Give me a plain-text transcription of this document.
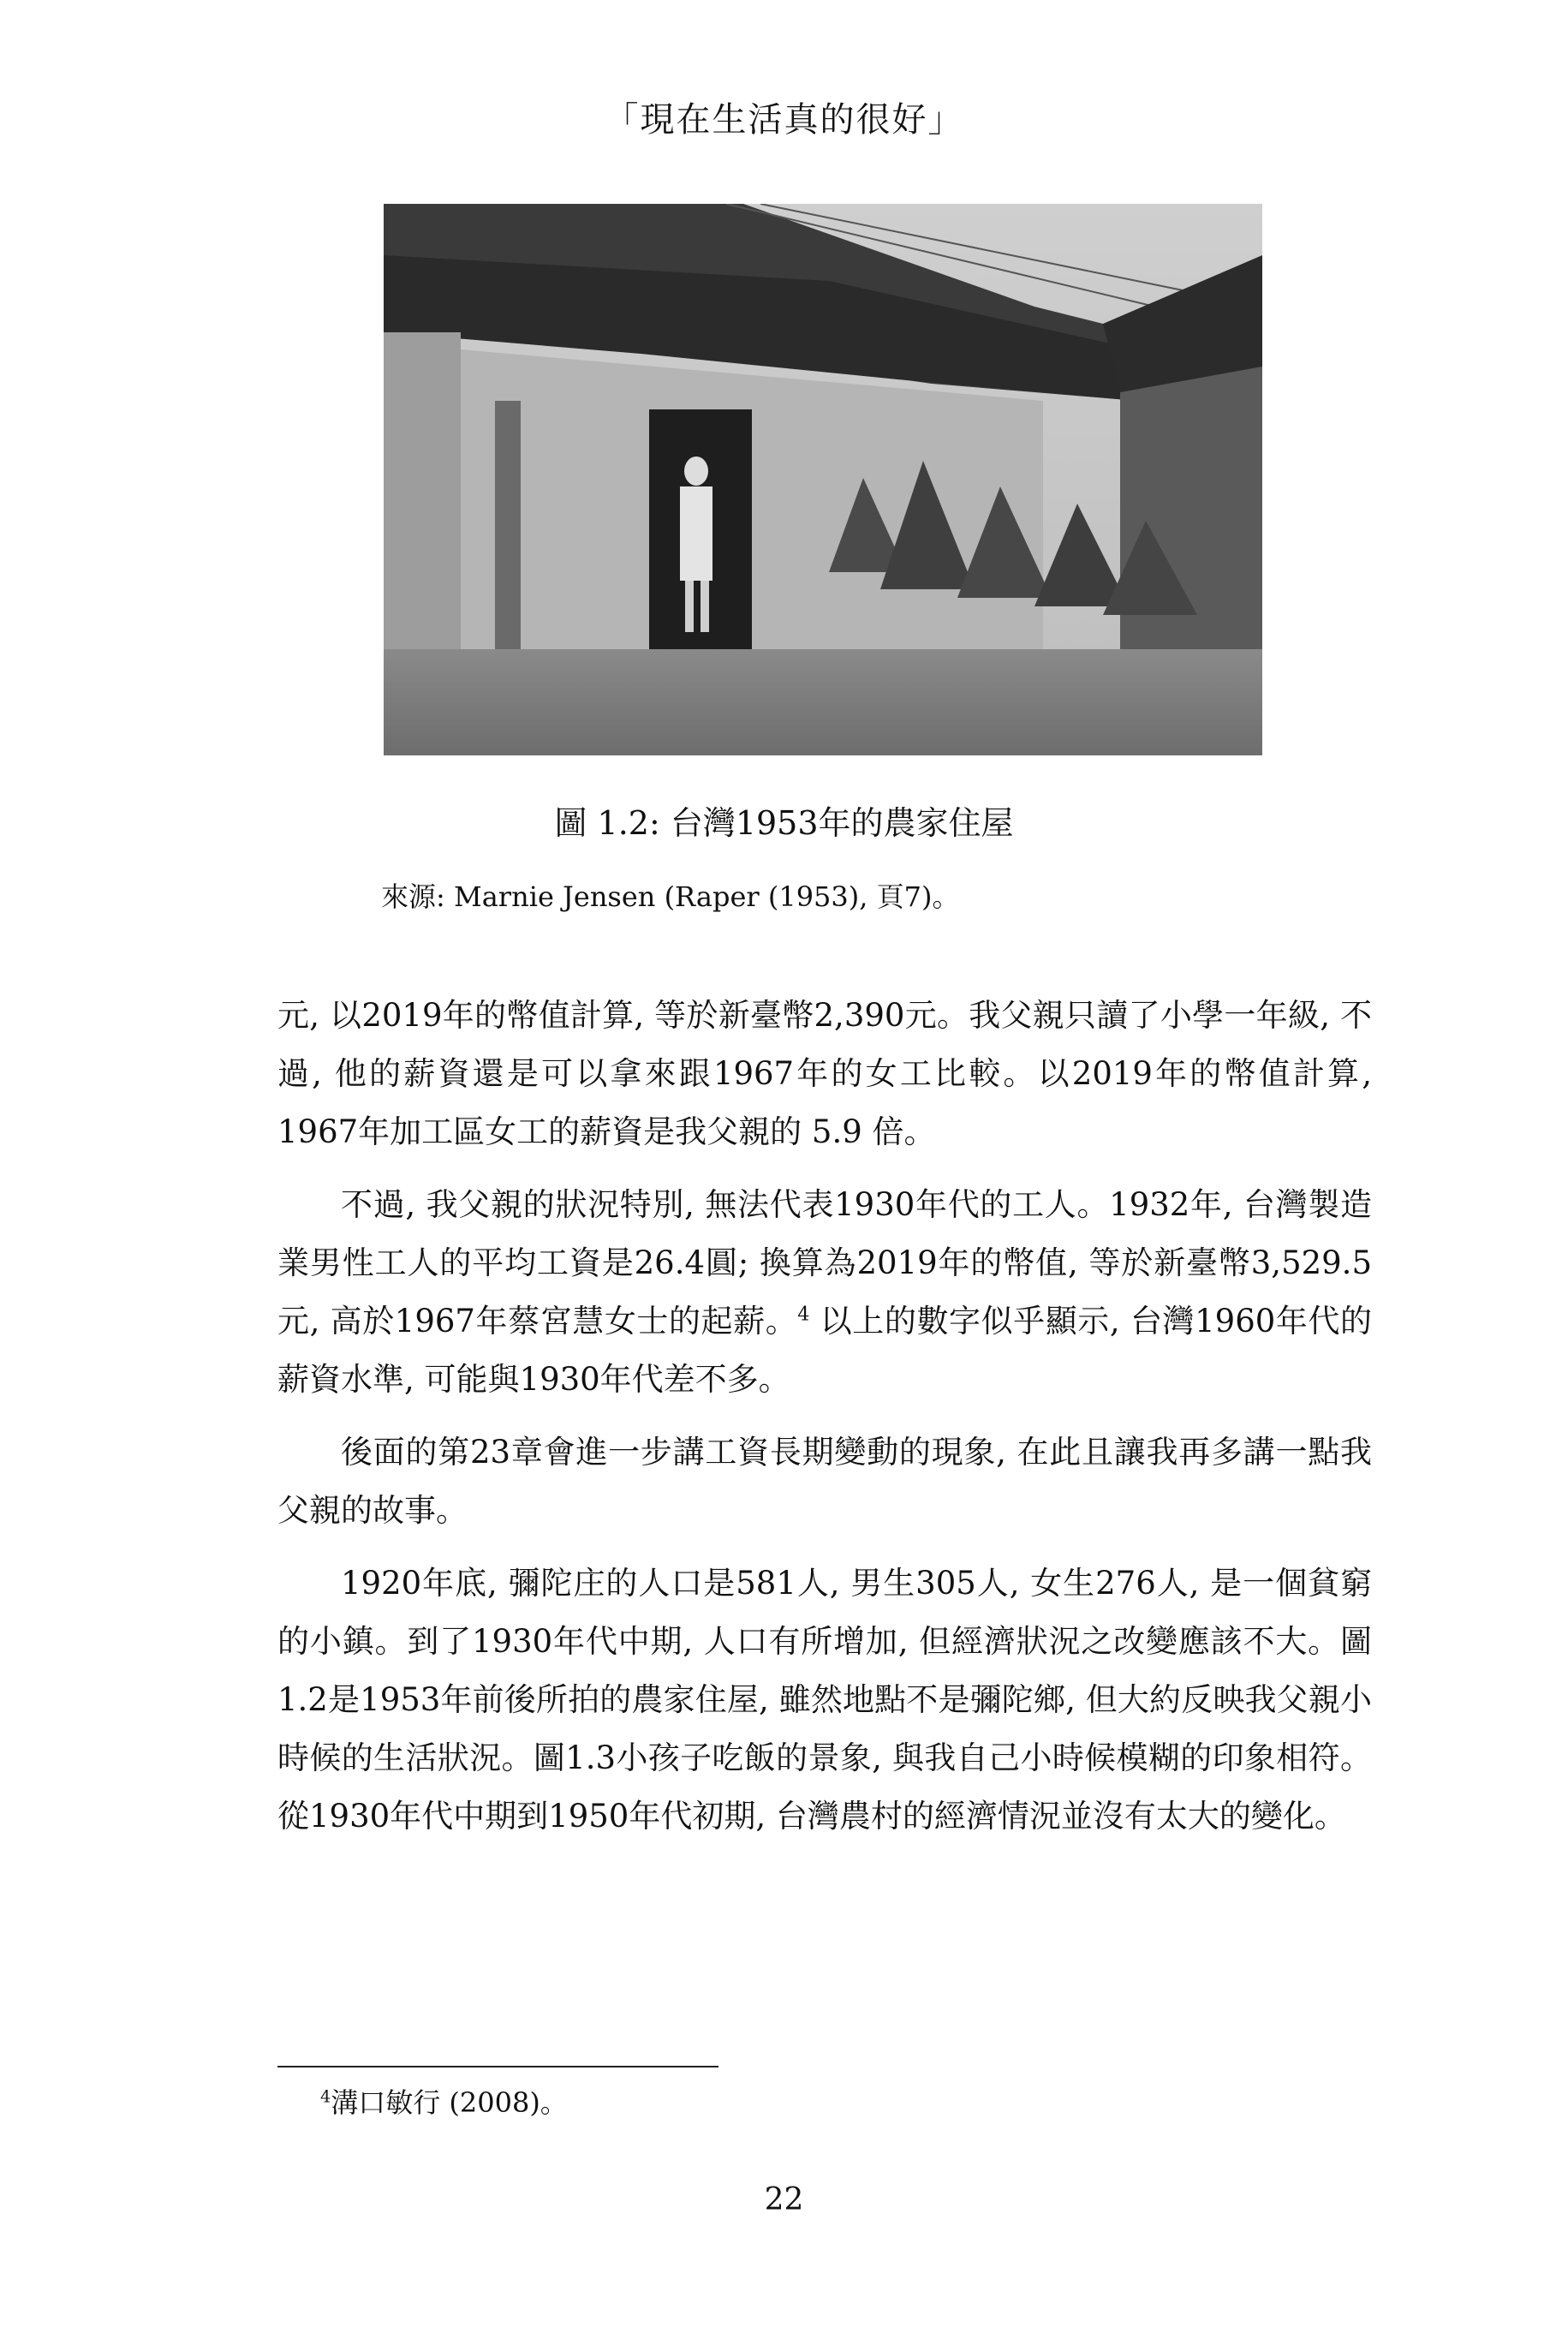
「現在生活真的很好」
圖 1.2: 台灣1953年的農家住屋
來源: Marnie Jensen (Raper (1953), 頁7)。

元, 以2019年的幣值計算, 等於新臺幣2,390元。我父親只讀了小學一年級, 不過, 他的薪資還是可以拿來跟1967年的女工比較。以2019年的幣值計算, 1967年加工區女工的薪資是我父親的 5.9 倍。

不過, 我父親的狀況特別, 無法代表1930年代的工人。1932年, 台灣製造業男性工人的平均工資是26.4圓; 換算為2019年的幣值, 等於新臺幣3,529.5元, 高於1967年蔡宮慧女士的起薪。$^4$ 以上的數字似乎顯示, 台灣1960年代的薪資水準, 可能與1930年代差不多。

後面的第23章會進一步講工資長期變動的現象, 在此且讓我再多講一點我父親的故事。

1920年底, 彌陀庄的人口是581人, 男生305人, 女生276人, 是一個貧窮的小鎮。到了1930年代中期, 人口有所增加, 但經濟狀況之改變應該不大。圖1.2是1953年前後所拍的農家住屋, 雖然地點不是彌陀鄉, 但大約反映我父親小時候的生活狀況。圖1.3小孩子吃飯的景象, 與我自己小時候模糊的印象相符。從1930年代中期到1950年代初期, 台灣農村的經濟情況並沒有太大的變化。

$^4$溝口敏行 (2008)。
22
